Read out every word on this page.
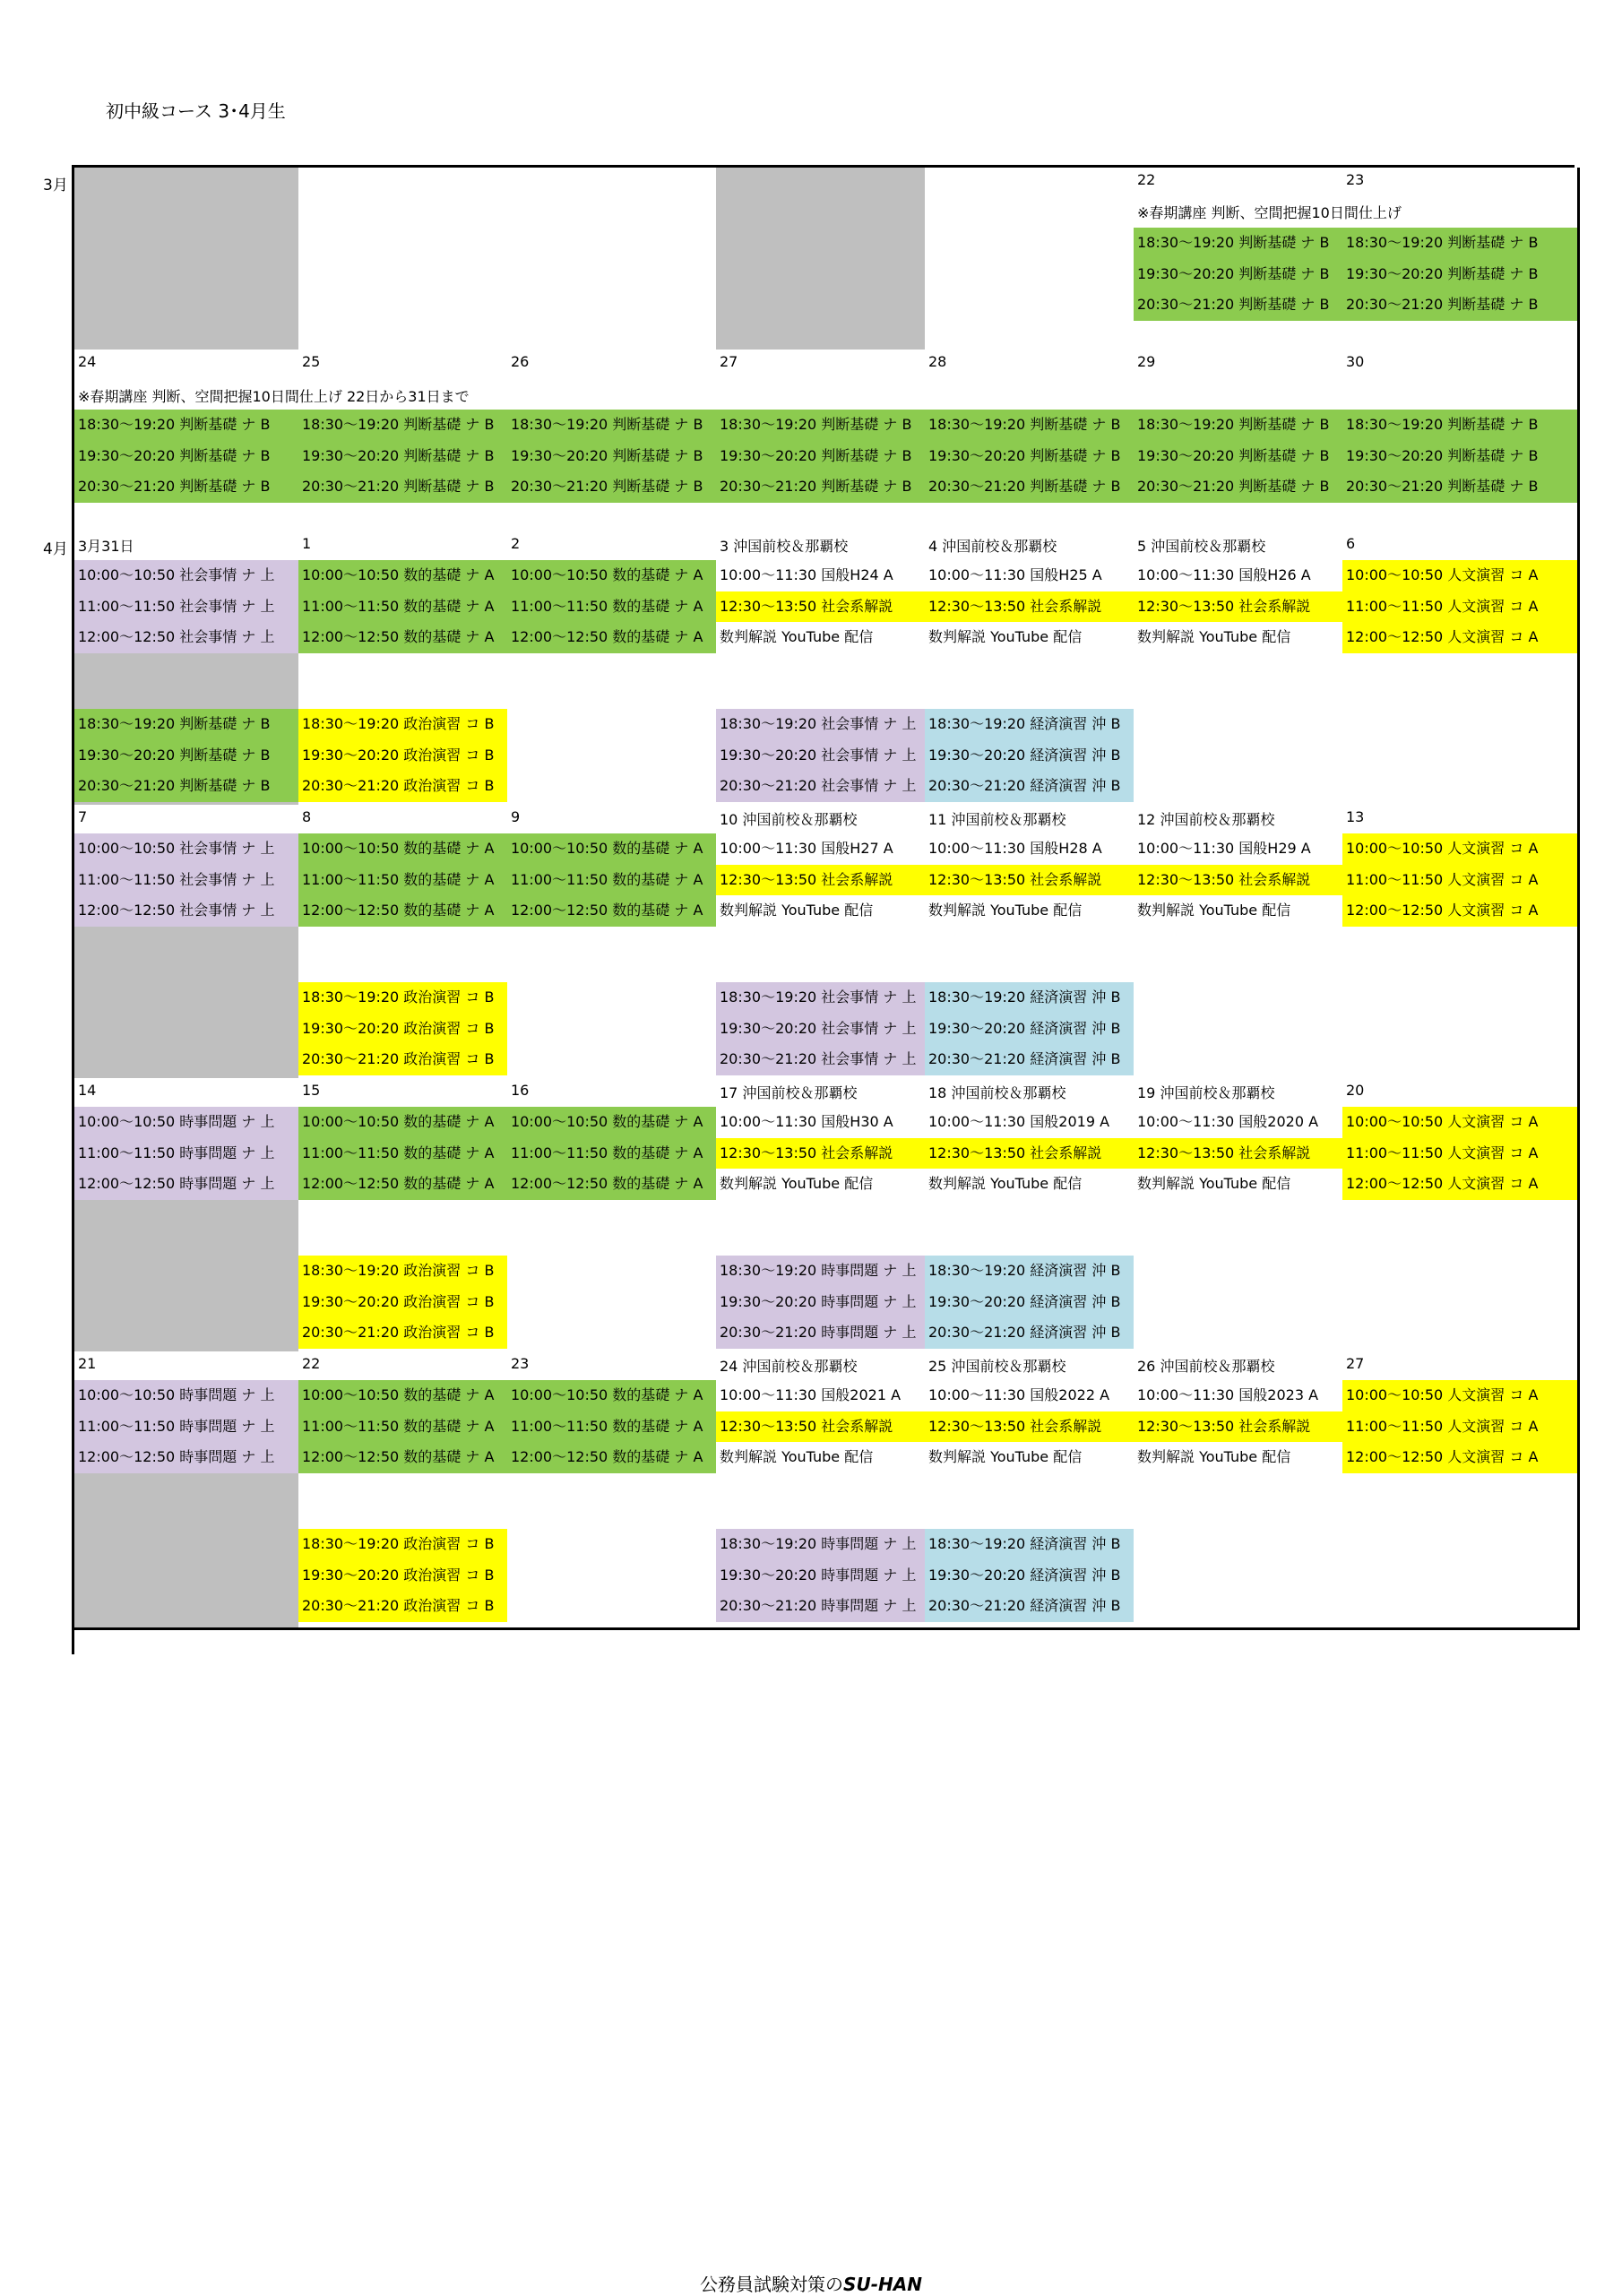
初中級コース 3･4月生
3月
4月
22
18:30～19:20 判断基礎 ナ B
19:30～20:20 判断基礎 ナ B
20:30～21:20 判断基礎 ナ B
23
18:30～19:20 判断基礎 ナ B
19:30～20:20 判断基礎 ナ B
20:30～21:20 判断基礎 ナ B
※春期講座 判断、空間把握10日間仕上げ
24
18:30～19:20 判断基礎 ナ B
19:30～20:20 判断基礎 ナ B
20:30～21:20 判断基礎 ナ B
25
18:30～19:20 判断基礎 ナ B
19:30～20:20 判断基礎 ナ B
20:30～21:20 判断基礎 ナ B
26
18:30～19:20 判断基礎 ナ B
19:30～20:20 判断基礎 ナ B
20:30～21:20 判断基礎 ナ B
27
18:30～19:20 判断基礎 ナ B
19:30～20:20 判断基礎 ナ B
20:30～21:20 判断基礎 ナ B
28
18:30～19:20 判断基礎 ナ B
19:30～20:20 判断基礎 ナ B
20:30～21:20 判断基礎 ナ B
29
18:30～19:20 判断基礎 ナ B
19:30～20:20 判断基礎 ナ B
20:30～21:20 判断基礎 ナ B
30
18:30～19:20 判断基礎 ナ B
19:30～20:20 判断基礎 ナ B
20:30～21:20 判断基礎 ナ B
※春期講座 判断、空間把握10日間仕上げ 22日から31日まで
3月31日
10:00～10:50 社会事情 ナ 上
11:00～11:50 社会事情 ナ 上
12:00～12:50 社会事情 ナ 上
18:30～19:20 判断基礎 ナ B
19:30～20:20 判断基礎 ナ B
20:30～21:20 判断基礎 ナ B
1
10:00～10:50 数的基礎 ナ A
11:00～11:50 数的基礎 ナ A
12:00～12:50 数的基礎 ナ A
18:30～19:20 政治演習 コ B
19:30～20:20 政治演習 コ B
20:30～21:20 政治演習 コ B
2
10:00～10:50 数的基礎 ナ A
11:00～11:50 数的基礎 ナ A
12:00～12:50 数的基礎 ナ A
3 沖国前校＆那覇校
10:00～11:30 国般H24 A
12:30～13:50 社会系解説
数判解説 YouTube 配信
18:30～19:20 社会事情 ナ 上
19:30～20:20 社会事情 ナ 上
20:30～21:20 社会事情 ナ 上
4 沖国前校＆那覇校
10:00～11:30 国般H25 A
12:30～13:50 社会系解説
数判解説 YouTube 配信
18:30～19:20 経済演習 沖 B
19:30～20:20 経済演習 沖 B
20:30～21:20 経済演習 沖 B
5 沖国前校＆那覇校
10:00～11:30 国般H26 A
12:30～13:50 社会系解説
数判解説 YouTube 配信
6
10:00～10:50 人文演習 コ A
11:00～11:50 人文演習 コ A
12:00～12:50 人文演習 コ A
7
10:00～10:50 社会事情 ナ 上
11:00～11:50 社会事情 ナ 上
12:00～12:50 社会事情 ナ 上
8
10:00～10:50 数的基礎 ナ A
11:00～11:50 数的基礎 ナ A
12:00～12:50 数的基礎 ナ A
18:30～19:20 政治演習 コ B
19:30～20:20 政治演習 コ B
20:30～21:20 政治演習 コ B
9
10:00～10:50 数的基礎 ナ A
11:00～11:50 数的基礎 ナ A
12:00～12:50 数的基礎 ナ A
10 沖国前校＆那覇校
10:00～11:30 国般H27 A
12:30～13:50 社会系解説
数判解説 YouTube 配信
18:30～19:20 社会事情 ナ 上
19:30～20:20 社会事情 ナ 上
20:30～21:20 社会事情 ナ 上
11 沖国前校＆那覇校
10:00～11:30 国般H28 A
12:30～13:50 社会系解説
数判解説 YouTube 配信
18:30～19:20 経済演習 沖 B
19:30～20:20 経済演習 沖 B
20:30～21:20 経済演習 沖 B
12 沖国前校＆那覇校
10:00～11:30 国般H29 A
12:30～13:50 社会系解説
数判解説 YouTube 配信
13
10:00～10:50 人文演習 コ A
11:00～11:50 人文演習 コ A
12:00～12:50 人文演習 コ A
14
10:00～10:50 時事問題 ナ 上
11:00～11:50 時事問題 ナ 上
12:00～12:50 時事問題 ナ 上
15
10:00～10:50 数的基礎 ナ A
11:00～11:50 数的基礎 ナ A
12:00～12:50 数的基礎 ナ A
18:30～19:20 政治演習 コ B
19:30～20:20 政治演習 コ B
20:30～21:20 政治演習 コ B
16
10:00～10:50 数的基礎 ナ A
11:00～11:50 数的基礎 ナ A
12:00～12:50 数的基礎 ナ A
17 沖国前校＆那覇校
10:00～11:30 国般H30 A
12:30～13:50 社会系解説
数判解説 YouTube 配信
18:30～19:20 時事問題 ナ 上
19:30～20:20 時事問題 ナ 上
20:30～21:20 時事問題 ナ 上
18 沖国前校＆那覇校
10:00～11:30 国般2019 A
12:30～13:50 社会系解説
数判解説 YouTube 配信
18:30～19:20 経済演習 沖 B
19:30～20:20 経済演習 沖 B
20:30～21:20 経済演習 沖 B
19 沖国前校＆那覇校
10:00～11:30 国般2020 A
12:30～13:50 社会系解説
数判解説 YouTube 配信
20
10:00～10:50 人文演習 コ A
11:00～11:50 人文演習 コ A
12:00～12:50 人文演習 コ A
21
10:00～10:50 時事問題 ナ 上
11:00～11:50 時事問題 ナ 上
12:00～12:50 時事問題 ナ 上
22
10:00～10:50 数的基礎 ナ A
11:00～11:50 数的基礎 ナ A
12:00～12:50 数的基礎 ナ A
18:30～19:20 政治演習 コ B
19:30～20:20 政治演習 コ B
20:30～21:20 政治演習 コ B
23
10:00～10:50 数的基礎 ナ A
11:00～11:50 数的基礎 ナ A
12:00～12:50 数的基礎 ナ A
24 沖国前校＆那覇校
10:00～11:30 国般2021 A
12:30～13:50 社会系解説
数判解説 YouTube 配信
18:30～19:20 時事問題 ナ 上
19:30～20:20 時事問題 ナ 上
20:30～21:20 時事問題 ナ 上
25 沖国前校＆那覇校
10:00～11:30 国般2022 A
12:30～13:50 社会系解説
数判解説 YouTube 配信
18:30～19:20 経済演習 沖 B
19:30～20:20 経済演習 沖 B
20:30～21:20 経済演習 沖 B
26 沖国前校＆那覇校
10:00～11:30 国般2023 A
12:30～13:50 社会系解説
数判解説 YouTube 配信
27
10:00～10:50 人文演習 コ A
11:00～11:50 人文演習 コ A
12:00～12:50 人文演習 コ A
公務員試験対策のSU-HAN
